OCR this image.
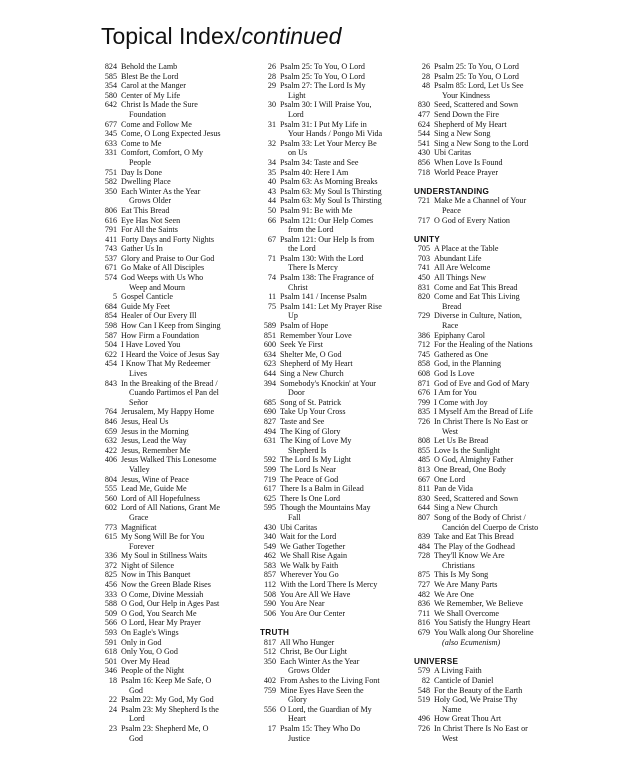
Topical Index/continued
824 Behold the Lamb
585 Blest Be the Lord
354 Carol at the Manger
580 Center of My Life
642 Christ Is Made the Sure
Foundation
677 Come and Follow Me
345 Come, O Long Expected Jesus
633 Come to Me
331 Comfort, Comfort, O My
People
751 Day Is Done
582 Dwelling Place
350 Each Winter As the Year
Grows Older
806 Eat This Bread
616 Eye Has Not Seen
791 For All the Saints
411 Forty Days and Forty Nights
743 Gather Us In
537 Glory and Praise to Our God
671 Go Make of All Disciples
574 God Weeps with Us Who
Weep and Mourn
5 Gospel Canticle
684 Guide My Feet
854 Healer of Our Every Ill
598 How Can I Keep from Singing
587 How Firm a Foundation
504 I Have Loved You
622 I Heard the Voice of Jesus Say
454 I Know That My Redeemer
Lives
843 In the Breaking of the Bread /
Cuando Partimos el Pan del
Señor
764 Jerusalem, My Happy Home
846 Jesus, Heal Us
659 Jesus in the Morning
632 Jesus, Lead the Way
422 Jesus, Remember Me
406 Jesus Walked This Lonesome
Valley
804 Jesus, Wine of Peace
555 Lead Me, Guide Me
560 Lord of All Hopefulness
602 Lord of All Nations, Grant Me
Grace
773 Magnificat
615 My Song Will Be for You
Forever
336 My Soul in Stillness Waits
372 Night of Silence
825 Now in This Banquet
456 Now the Green Blade Rises
333 O Come, Divine Messiah
588 O God, Our Help in Ages Past
509 O God, You Search Me
566 O Lord, Hear My Prayer
593 On Eagle's Wings
591 Only in God
618 Only You, O God
501 Over My Head
346 People of the Night
18 Psalm 16: Keep Me Safe, O
God
22 Psalm 22: My God, My God
24 Psalm 23: My Shepherd Is the
Lord
23 Psalm 23: Shepherd Me, O
God
26 Psalm 25: To You, O Lord
28 Psalm 25: To You, O Lord
29 Psalm 27: The Lord Is My
Light
30 Psalm 30: I Will Praise You,
Lord
31 Psalm 31: I Put My Life in
Your Hands / Pongo Mi Vida
32 Psalm 33: Let Your Mercy Be
on Us
34 Psalm 34: Taste and See
35 Psalm 40: Here I Am
40 Psalm 63: As Morning Breaks
43 Psalm 63: My Soul Is Thirsting
44 Psalm 63: My Soul Is Thirsting
50 Psalm 91: Be with Me
66 Psalm 121: Our Help Comes
from the Lord
67 Psalm 121: Our Help Is from
the Lord
71 Psalm 130: With the Lord
There Is Mercy
74 Psalm 138: The Fragrance of
Christ
11 Psalm 141 / Incense Psalm
75 Psalm 141: Let My Prayer Rise
Up
589 Psalm of Hope
851 Remember Your Love
600 Seek Ye First
634 Shelter Me, O God
623 Shepherd of My Heart
644 Sing a New Church
394 Somebody's Knockin' at Your
Door
685 Song of St. Patrick
690 Take Up Your Cross
827 Taste and See
494 The King of Glory
631 The King of Love My
Shepherd Is
592 The Lord Is My Light
599 The Lord Is Near
719 The Peace of God
617 There Is a Balm in Gilead
625 There Is One Lord
595 Though the Mountains May
Fall
430 Ubi Caritas
340 Wait for the Lord
549 We Gather Together
462 We Shall Rise Again
583 We Walk by Faith
857 Wherever You Go
112 With the Lord There Is Mercy
508 You Are All We Have
590 You Are Near
506 You Are Our Center
TRUTH
817 All Who Hunger
512 Christ, Be Our Light
350 Each Winter As the Year
Grows Older
402 From Ashes to the Living Font
759 Mine Eyes Have Seen the
Glory
556 O Lord, the Guardian of My
Heart
17 Psalm 15: They Who Do
Justice
26 Psalm 25: To You, O Lord
28 Psalm 25: To You, O Lord
48 Psalm 85: Lord, Let Us See
Your Kindness
830 Seed, Scattered and Sown
477 Send Down the Fire
624 Shepherd of My Heart
544 Sing a New Song
541 Sing a New Song to the Lord
430 Ubi Caritas
856 When Love Is Found
718 World Peace Prayer
UNDERSTANDING
721 Make Me a Channel of Your
Peace
717 O God of Every Nation
UNITY
705 A Place at the Table
703 Abundant Life
741 All Are Welcome
450 All Things New
831 Come and Eat This Bread
820 Come and Eat This Living
Bread
729 Diverse in Culture, Nation,
Race
386 Epiphany Carol
712 For the Healing of the Nations
745 Gathered as One
858 God, in the Planning
608 God Is Love
871 God of Eve and God of Mary
676 I Am for You
799 I Come with Joy
835 I Myself Am the Bread of Life
726 In Christ There Is No East or
West
808 Let Us Be Bread
855 Love Is the Sunlight
485 O God, Almighty Father
813 One Bread, One Body
667 One Lord
811 Pan de Vida
830 Seed, Scattered and Sown
644 Sing a New Church
807 Song of the Body of Christ /
Canción del Cuerpo de Cristo
839 Take and Eat This Bread
484 The Play of the Godhead
728 They'll Know We Are
Christians
875 This Is My Song
727 We Are Many Parts
482 We Are One
836 We Remember, We Believe
711 We Shall Overcome
816 You Satisfy the Hungry Heart
679 You Walk along Our Shoreline
(also Ecumenism)
UNIVERSE
579 A Living Faith
82 Canticle of Daniel
548 For the Beauty of the Earth
519 Holy God, We Praise Thy
Name
496 How Great Thou Art
726 In Christ There Is No East or
West
